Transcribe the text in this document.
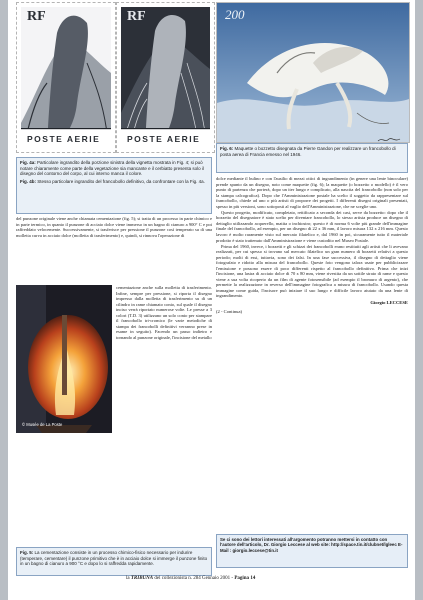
RF
POSTE AERIE
RF
POSTE AERIE
200
Fig. 4a: Particolare ingrandito della porzione sinistra della vignetta mostrata in Fig. 4; si può notare chiaramente come parte della vegetazione sia mancante e il cerbiatto presenta solo il disegno del contorno del corpo, al cui interno manca il colore.
Fig. 4b: Stesso particolare ingrandito del francobollo definitivo, da confrontare con la Fig. 4a.
Fig. 6: Maquette o bozzetto disegnata da Pierre Gandon per realizzare un francobollo di posta aerea di Francia emesso nel 1946.

del punzone originale viene anche chiamata cementazione (fig. 5); si tratta di un processo in parte chimico e in parte termico, in quanto il punzone di acciaio dolce viene immerso in un bagno di cianuro a 900° C e poi raffreddato velocemente. Successivamente, si trasferisce per pressione il punzone così temperato su di una molletta curva in acciaio dolce (molletta di trasferimento) e, quindi, si rinnova l'operazione di

© Musée de La Poste

cementazione anche sulla molletta di trasferimento. Infine, sempre per pressione, si riporta il disegno impresso dalla molletta di trasferimento su di un cilindro in rame chiamato conio, sul quale il disegno inciso verrà riportato numerose volte. Le presse a 3 colori (T.D. 3) utilizzano un solo conio per stampare il francobollo tri-cromico (le varie metodiche di stampa dei francobolli definitivi verranno prese in esame in seguito). Facendo un passo indietro e tornando al punzone originale, l'incisione del metallo

Fig. 5: La cementazione consiste in un processo chimico-fisico necessario per indurire (temperare, cementare) il punzone primitivo che è in acciaio dolce si immerge il punzone finito in un bagno di cianuro a 900 °C e dopo lo si raffredda rapidamente.

dolce mediante il bulino e con l'ausilio di mezzi ottici di ingrandimento (in genere una lente binoculare) prende spunto da un disegno, noto come maquette (fig. 6); la maquette (o bozzetto o modello) è il vero punto di partenza che porterà, dopo un iter lungo e complicato, alla nascita del francobollo (non solo per la stampa calcografica). Dopo che l'Amministrazione postale ha scelto il soggetto da rappresentare sul francobollo, chiede ad uno o più artisti di proporre dei progetti. I differenti disegni originali presentati, spesso in più versioni, sono sottoposti al vaglio dell'Amministrazione, che ne sceglie uno.

Questo progetto, modificato, completato, rettificato a seconda dei casi, serve da bozzetto: dopo che il bozzetto del disegnatore è stato scelto per diventare francobollo, lo stesso artista produce un disegno di dettaglio utilizzando acquerello, matita o inchiostro; questo è di norma 6 volte più grande dell'immagine finale del francobollo, ad esempio, per un disegno di 22 x 36 mm, il lavoro misura 132 x 216 mm. Questo lavoro è molto raramente visto sul mercato filatelico e, dal 1960 in poi, sicuramente tutto il materiale prodotto è stato trattenuto dall'Amministrazione e viene custodito nel Museo Postale.

Prima del 1960, invece, i bozzetti e gli schizzi dei francobolli erano restituiti agli artisti che li avevano realizzati, per cui spesso si trovano sul mercato filatelico un gran numero di bozzetti relativi a questo periodo; molti di essi, tuttavia, sono dei falsi. In una fase successiva, il disegno di dettaglio viene fotografato e ridotto alla misura del francobollo. Queste foto vengono talora usate per pubblicizzare l'emissione e possono essere di poco differenti rispetto al francobollo definitivo. Prima che inizi l'incisione, una lastra di acciaio dolce di 70 x 80 mm, viene rivestita da un sottile strato di rame e questo viene a sua volta ricoperto da un film di agente fotosensibile (ad esempio il bromuro di argento), che permette la realizzazione in reverso dell'immagine fotografica a misura di francobollo. Usando questa immagine come guida, l'incisore può iniziare il suo lungo e difficile lavoro aiutato da una lente di ingrandimento.

Giorgio LECCESE
(2 - Continua)
Se ci sono dei lettori interessati all'argomento potranno mettersi in contatto con l'autore dell'articolo, Dr. Giorgio Leccese al web site: http://space.tin.it/clubnet/lgleec E-Mail : giorgio.leccese@tin.it
la TRIBUNA del collezionista n. 284 Gennaio 2001 - Pagina 14
